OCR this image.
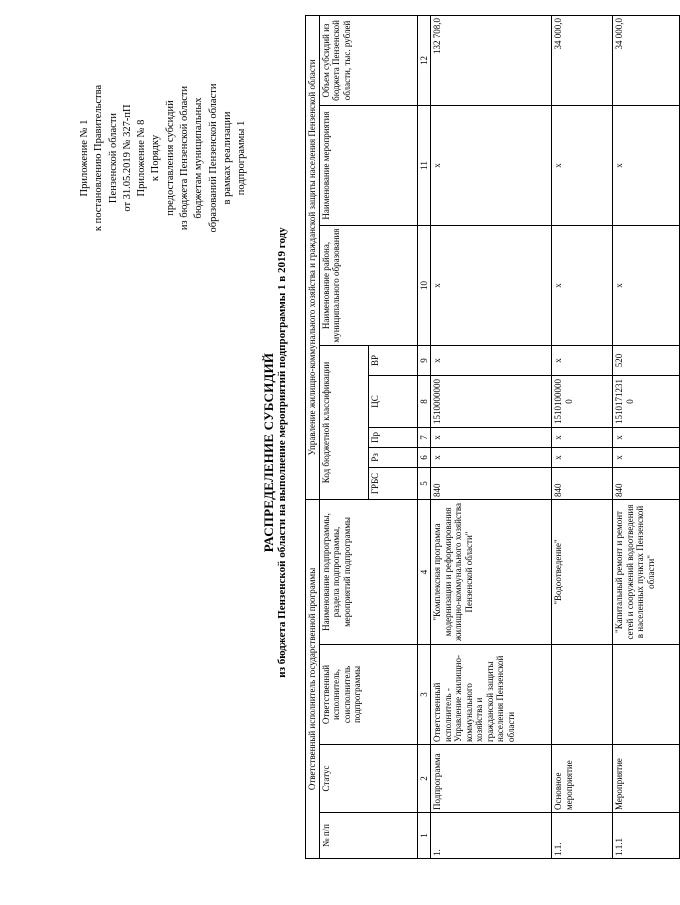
Приложение № 1 к постановлению Правительства Пензенской области от 31.05.2019 № 327-пП Приложение № 8 к Порядку предоставления субсидий из бюджета Пензенской области бюджетам муниципальных образований Пензенской области в рамках реализации подпрограммы 1
РАСПРЕДЕЛЕНИЕ СУБСИДИЙ из бюджета Пензенской области на выполнение мероприятий подпрограммы 1 в 2019 году
Ответственный исполнитель государственной программы				Управление жилищно-коммунального хозяйства и гражданской защиты населения Пензенской области							
№ п/п	Статус	Ответственный исполнитель, соисполнитель подпрограммы	Наименование подпрограммы, раздела подпрограммы, мероприятий подпрограммы	Код бюджетной классификации					Наименование района, муниципального образования	Наименование мероприятия	Объем субсидий из бюджета Пензенской области, тыс. рублей
				ГРБС	Рз	Пр	ЦС	ВР			
1	2	3	4	5	6	7	8	9	10	11	12
1.	Подпрограмма	Ответственный исполнитель - Управление жилищно-коммунального хозяйства и гражданской защиты населения Пензенской области	"Комплексная программа модернизации и реформирования жилищно-коммунального хозяйства Пензенской области"	840	х	х	1510000000	х	х	х	132 708,0
1.1.	Основное мероприятие		"Водоотведение"	840	х	х	15101000000	х	х	х	34 000,0
1.1.1	Мероприятие		"Капитальный ремонт и ремонт сетей и сооружений водоотведения в населенных пунктах Пензенской области"	840	х	х	15101712310	520	х	х	34 000,0
